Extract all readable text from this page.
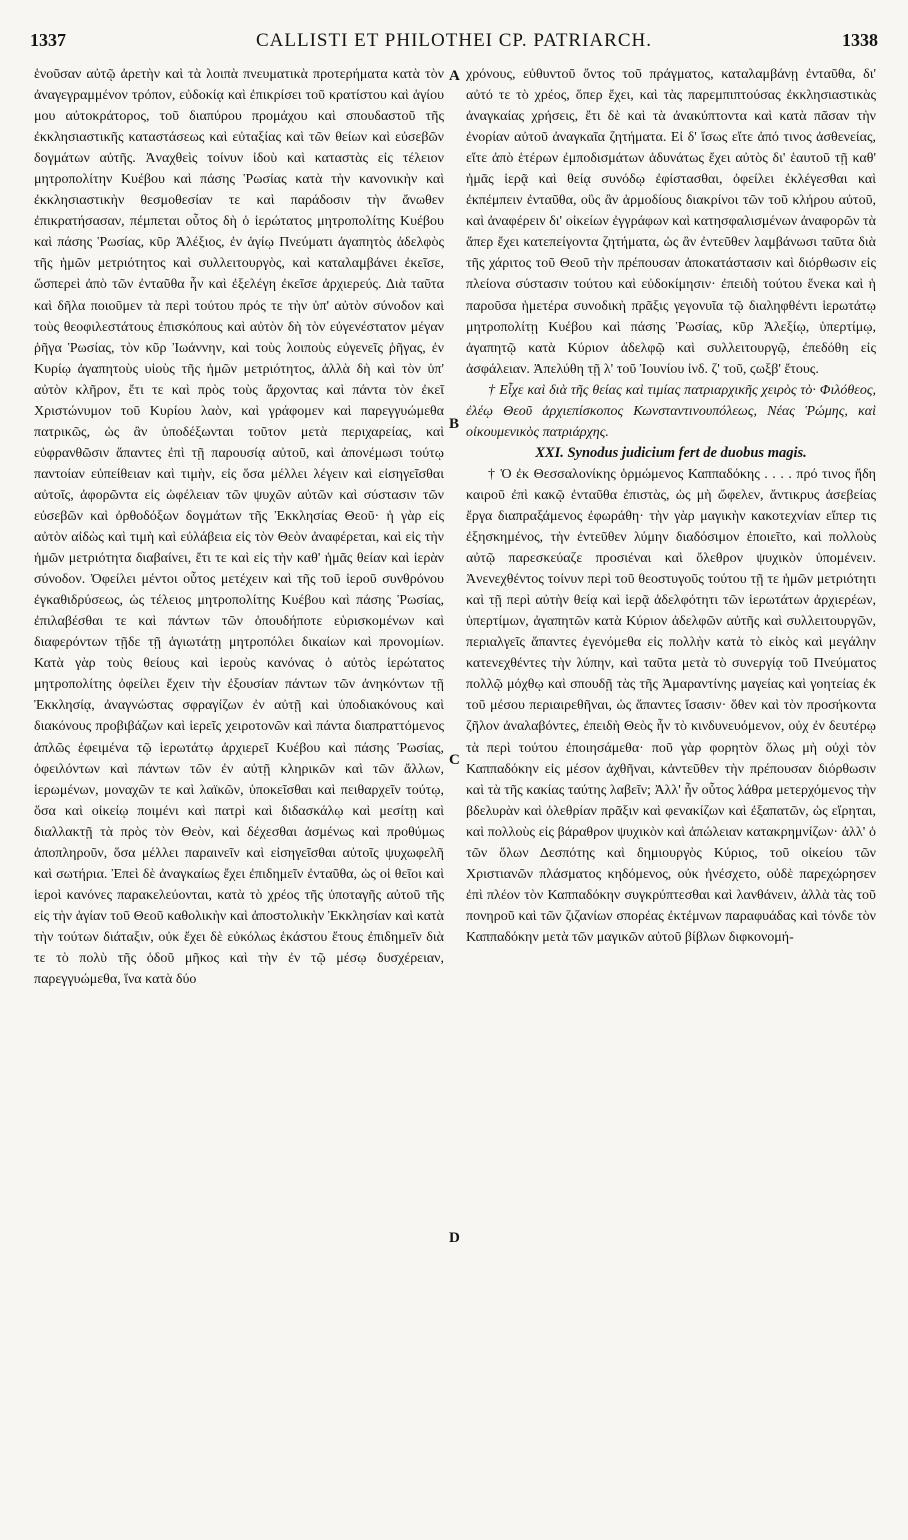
1337	CALLISTI ET PHILOTHEI CP. PATRIARCH.	1338
A
B
C
D

ἑνοῦσαν αὐτῷ ἀρετὴν καὶ τὰ λοιπὰ πνευματικὰ προτερήματα κατὰ τὸν ἀναγεγραμμένον τρόπον, εὐδοκίᾳ καὶ ἐπικρίσει τοῦ κρατίστου καὶ ἁγίου μου αὐτοκράτορος, τοῦ διαπύρου προμάχου καὶ σπουδαστοῦ τῆς ἐκκλησιαστικῆς καταστάσεως καὶ εὐταξίας καὶ τῶν θείων καὶ εὐσεβῶν δογμάτων αὐτῆς. Ἀναχθεὶς τοίνυν ἰδοὺ καὶ καταστὰς εἰς τέλειον μητροπολίτην Κυέβου καὶ πάσης Ῥωσίας κατὰ τὴν κανονικὴν καὶ ἐκκλησιαστικὴν θεσμοθεσίαν τε καὶ παράδοσιν τὴν ἄνωθεν ἐπικρατήσασαν, πέμπεται οὗτος δὴ ὁ ἱερώτατος μητροπολίτης Κυέβου καὶ πάσης Ῥωσίας, κῦρ Ἀλέξιος, ἐν ἁγίῳ Πνεύματι ἀγαπητὸς ἀδελφὸς τῆς ἡμῶν μετριότητος καὶ συλλειτουργὸς, καὶ καταλαμβάνει ἐκεῖσε, ὥσπερεὶ ἀπὸ τῶν ἐνταῦθα ἦν καὶ ἐξελέγη ἐκεῖσε ἀρχιερεύς. Διὰ ταῦτα καὶ δῆλα ποιοῦμεν τὰ περὶ τούτου πρός τε τὴν ὑπ' αὐτὸν σύνοδον καὶ τοὺς θεοφιλεστάτους ἐπισκόπους καὶ αὐτὸν δὴ τὸν εὐγενέστατον μέγαν ῥῆγα Ῥωσίας, τὸν κῦρ Ἰωάννην, καὶ τοὺς λοιποὺς εὐγενεῖς ῥῆγας, ἐν Κυρίῳ ἀγαπητοὺς υἱοὺς τῆς ἡμῶν μετριότητος, ἀλλὰ δὴ καὶ τὸν ὑπ' αὐτὸν κλῆρον, ἔτι τε καὶ πρὸς τοὺς ἄρχοντας καὶ πάντα τὸν ἐκεῖ Χριστώνυμον τοῦ Κυρίου λαὸν, καὶ γράφομεν καὶ παρεγγυώμεθα πατρικῶς, ὡς ἂν ὑποδέξωνται τοῦτον μετὰ περιχαρείας, καὶ εὐφρανθῶσιν ἅπαντες ἐπὶ τῇ παρουσίᾳ αὐτοῦ, καὶ ἀπονέμωσι τούτῳ παντοίαν εὐπείθειαν καὶ τιμὴν, εἰς ὅσα μέλλει λέγειν καὶ εἰσηγεῖσθαι αὐτοῖς, ἀφορῶντα εἰς ὠφέλειαν τῶν ψυχῶν αὐτῶν καὶ σύστασιν τῶν εὐσεβῶν καὶ ὀρθοδόξων δογμάτων τῆς Ἐκκλησίας Θεοῦ· ἡ γὰρ εἰς αὐτὸν αἰδὼς καὶ τιμὴ καὶ εὐλάβεια εἰς τὸν Θεὸν ἀναφέρεται, καὶ εἰς τὴν ἡμῶν μετριότητα διαβαίνει, ἔτι τε καὶ εἰς τὴν καθ' ἡμᾶς θείαν καὶ ἱερὰν σύνοδον. Ὀφείλει μέντοι οὗτος μετέχειν καὶ τῆς τοῦ ἱεροῦ συνθρόνου ἐγκαθιδρύσεως, ὡς τέλειος μητροπολίτης Κυέβου καὶ πάσης Ῥωσίας, ἐπιλαβέσθαι τε καὶ πάντων τῶν ὁπουδήποτε εὑρισκομένων καὶ διαφερόντων τῇδε τῇ ἁγιωτάτῃ μητροπόλει δικαίων καὶ προνομίων. Κατὰ γὰρ τοὺς θείους καὶ ἱεροὺς κανόνας ὁ αὐτὸς ἱερώτατος μητροπολίτης ὀφείλει ἔχειν τὴν ἐξουσίαν πάντων τῶν ἀνηκόντων τῇ Ἐκκλησίᾳ, ἀναγνώστας σφραγίζων ἐν αὐτῇ καὶ ὑποδιακόνους καὶ διακόνους προβιβάζων καὶ ἱερεῖς χειροτονῶν καὶ πάντα διαπραττόμενος ἁπλῶς ἐφειμένα τῷ ἱερωτάτῳ ἀρχιερεῖ Κυέβου καὶ πάσης Ῥωσίας, ὀφειλόντων καὶ πάντων τῶν ἐν αὐτῇ κληρικῶν καὶ τῶν ἄλλων, ἱερωμένων, μοναχῶν τε καὶ λαϊκῶν, ὑποκεῖσθαι καὶ πειθαρχεῖν τούτῳ, ὅσα καὶ οἰκείῳ ποιμένι καὶ πατρὶ καὶ διδασκάλῳ καὶ μεσίτῃ καὶ διαλλακτῇ τὰ πρὸς τὸν Θεὸν, καὶ δέχεσθαι ἀσμένως καὶ προθύμως ἀποπληροῦν, ὅσα μέλλει παραινεῖν καὶ εἰσηγεῖσθαι αὐτοῖς ψυχωφελῆ καὶ σωτήρια. Ἐπεὶ δὲ ἀναγκαίως ἔχει ἐπιδημεῖν ἐνταῦθα, ὡς οἱ θεῖοι καὶ ἱεροὶ κανόνες παρακελεύονται, κατὰ τὸ χρέος τῆς ὑποταγῆς αὐτοῦ τῆς εἰς τὴν ἁγίαν τοῦ Θεοῦ καθολικὴν καὶ ἀποστολικὴν Ἐκκλησίαν καὶ κατὰ τὴν τούτων διάταξιν, οὐκ ἔχει δὲ εὐκόλως ἑκάστου ἔτους ἐπιδημεῖν διὰ τε τὸ πολὺ τῆς ὁδοῦ μῆκος καὶ τὴν ἐν τῷ μέσῳ δυσχέρειαν, παρεγγυώμεθα, ἵνα κατὰ δύο

χρόνους, εὐθυντοῦ ὄντος τοῦ πράγματος, καταλαμβάνῃ ἐνταῦθα, δι' αὐτό τε τὸ χρέος, ὅπερ ἔχει, καὶ τὰς παρεμπιπτούσας ἐκκλησιαστικὰς ἀναγκαίας χρήσεις, ἔτι δὲ καὶ τὰ ἀνακύπτοντα καὶ κατὰ πᾶσαν τὴν ἐνορίαν αὐτοῦ ἀναγκαῖα ζητήματα. Εἰ δ' ἴσως εἴτε ἀπό τινος ἀσθενείας, εἴτε ἀπὸ ἑτέρων ἐμποδισμάτων ἀδυνάτως ἔχει αὐτὸς δι' ἑαυτοῦ τῇ καθ' ἡμᾶς ἱερᾷ καὶ θείᾳ συνόδῳ ἐφίστασθαι, ὀφείλει ἐκλέγεσθαι καὶ ἐκπέμπειν ἐνταῦθα, οὓς ἂν ἁρμοδίους διακρίνοι τῶν τοῦ κλήρου αὐτοῦ, καὶ ἀναφέρειν δι' οἰκείων ἐγγράφων καὶ κατησφαλισμένων ἀναφορῶν τὰ ἅπερ ἔχει κατεπείγοντα ζητήματα, ὡς ἂν ἐντεῦθεν λαμβάνωσι ταῦτα διὰ τῆς χάριτος τοῦ Θεοῦ τὴν πρέπουσαν ἀποκατάστασιν καὶ διόρθωσιν εἰς πλείονα σύστασιν τούτου καὶ εὐδοκίμησιν· ἐπειδὴ τούτου ἕνεκα καὶ ἡ παροῦσα ἡμετέρα συνοδικὴ πρᾶξις γεγονυῖα τῷ διαληφθέντι ἱερωτάτῳ μητροπολίτῃ Κυέβου καὶ πάσης Ῥωσίας, κῦρ Ἀλεξίῳ, ὑπερτίμῳ, ἀγαπητῷ κατὰ Κύριον ἀδελφῷ καὶ συλλειτουργῷ, ἐπεδόθη εἰς ἀσφάλειαν. Ἀπελύθη τῇ λ' τοῦ Ἰουνίου ἰνδ. ζ' τοῦ, ϛωξβ' ἔτους.

† Εἶχε καὶ διὰ τῆς θείας καὶ τιμίας πατριαρχικῆς χειρὸς τὸ· Φιλόθεος, ἐλέῳ Θεοῦ ἀρχιεπίσκοπος Κωνσταντινουπόλεως, Νέας Ῥώμης, καὶ οἰκουμενικὸς πατριάρχης.

XXI. Synodus judicium fert de duobus magis.

† Ὁ ἐκ Θεσσαλονίκης ὁρμώμενος Καππαδόκης . . . . πρό τινος ἤδη καιροῦ ἐπὶ κακῷ ἐνταῦθα ἐπιστὰς, ὡς μὴ ὤφελεν, ἄντικρυς ἀσεβείας ἔργα διαπραξάμενος ἐφωράθη· τὴν γὰρ μαγικὴν κακοτεχνίαν εἴπερ τις ἐξησκημένος, τὴν ἐντεῦθεν λύμην διαδόσιμον ἐποιεῖτο, καὶ πολλοὺς αὐτῷ παρεσκεύαζε προσιέναι καὶ ὄλεθρον ψυχικὸν ὑπομένειν. Ἀνενεχθέντος τοίνυν περὶ τοῦ θεοστυγοῦς τούτου τῇ τε ἡμῶν μετριότητι καὶ τῇ περὶ αὐτὴν θείᾳ καὶ ἱερᾷ ἀδελφότητι τῶν ἱερωτάτων ἀρχιερέων, ὑπερτίμων, ἀγαπητῶν κατὰ Κύριον ἀδελφῶν αὐτῆς καὶ συλλειτουργῶν, περιαλγεῖς ἅπαντες ἐγενόμεθα εἰς πολλὴν κατὰ τὸ εἰκὸς καὶ μεγάλην κατενεχθέντες τὴν λύπην, καὶ ταῦτα μετὰ τὸ συνεργίᾳ τοῦ Πνεύματος πολλῷ μόχθῳ καὶ σπουδῇ τὰς τῆς Ἀμαραντίνης μαγείας καὶ γοητείας ἐκ τοῦ μέσου περιαιρεθῆναι, ὡς ἅπαντες ἴσασιν· ὅθεν καὶ τὸν προσήκοντα ζῆλον ἀναλαβόντες, ἐπειδὴ Θεὸς ἦν τὸ κινδυνευόμενον, οὐχ ἐν δευτέρῳ τὰ περὶ τούτου ἐποιησάμεθα· ποῦ γὰρ φορητὸν ὅλως μὴ οὐχὶ τὸν Καππαδόκην εἰς μέσον ἀχθῆναι, κἀντεῦθεν τὴν πρέπουσαν διόρθωσιν καὶ τὰ τῆς κακίας ταύτης λαβεῖν; Ἀλλ' ἦν οὗτος λάθρα μετερχόμενος τὴν βδελυρὰν καὶ ὀλεθρίαν πρᾶξιν καὶ φενακίζων καὶ ἐξαπατῶν, ὡς εἴρηται, καὶ πολλοὺς εἰς βάραθρον ψυχικὸν καὶ ἀπώλειαν κατακρημνίζων· ἀλλ' ὁ τῶν ὅλων Δεσπότης καὶ δημιουργὸς Κύριος, τοῦ οἰκείου τῶν Χριστιανῶν πλάσματος κηδόμενος, οὐκ ἠνέσχετο, οὐδὲ παρεχώρησεν ἐπὶ πλέον τὸν Καππαδόκην συγκρύπτεσθαι καὶ λανθάνειν, ἀλλὰ τὰς τοῦ πονηροῦ καὶ τῶν ζιζανίων σπορέας ἐκτέμνων παραφυάδας καὶ τόνδε τὸν Καππαδόκην μετὰ τῶν μαγικῶν αὐτοῦ βίβλων διφκονομή-
